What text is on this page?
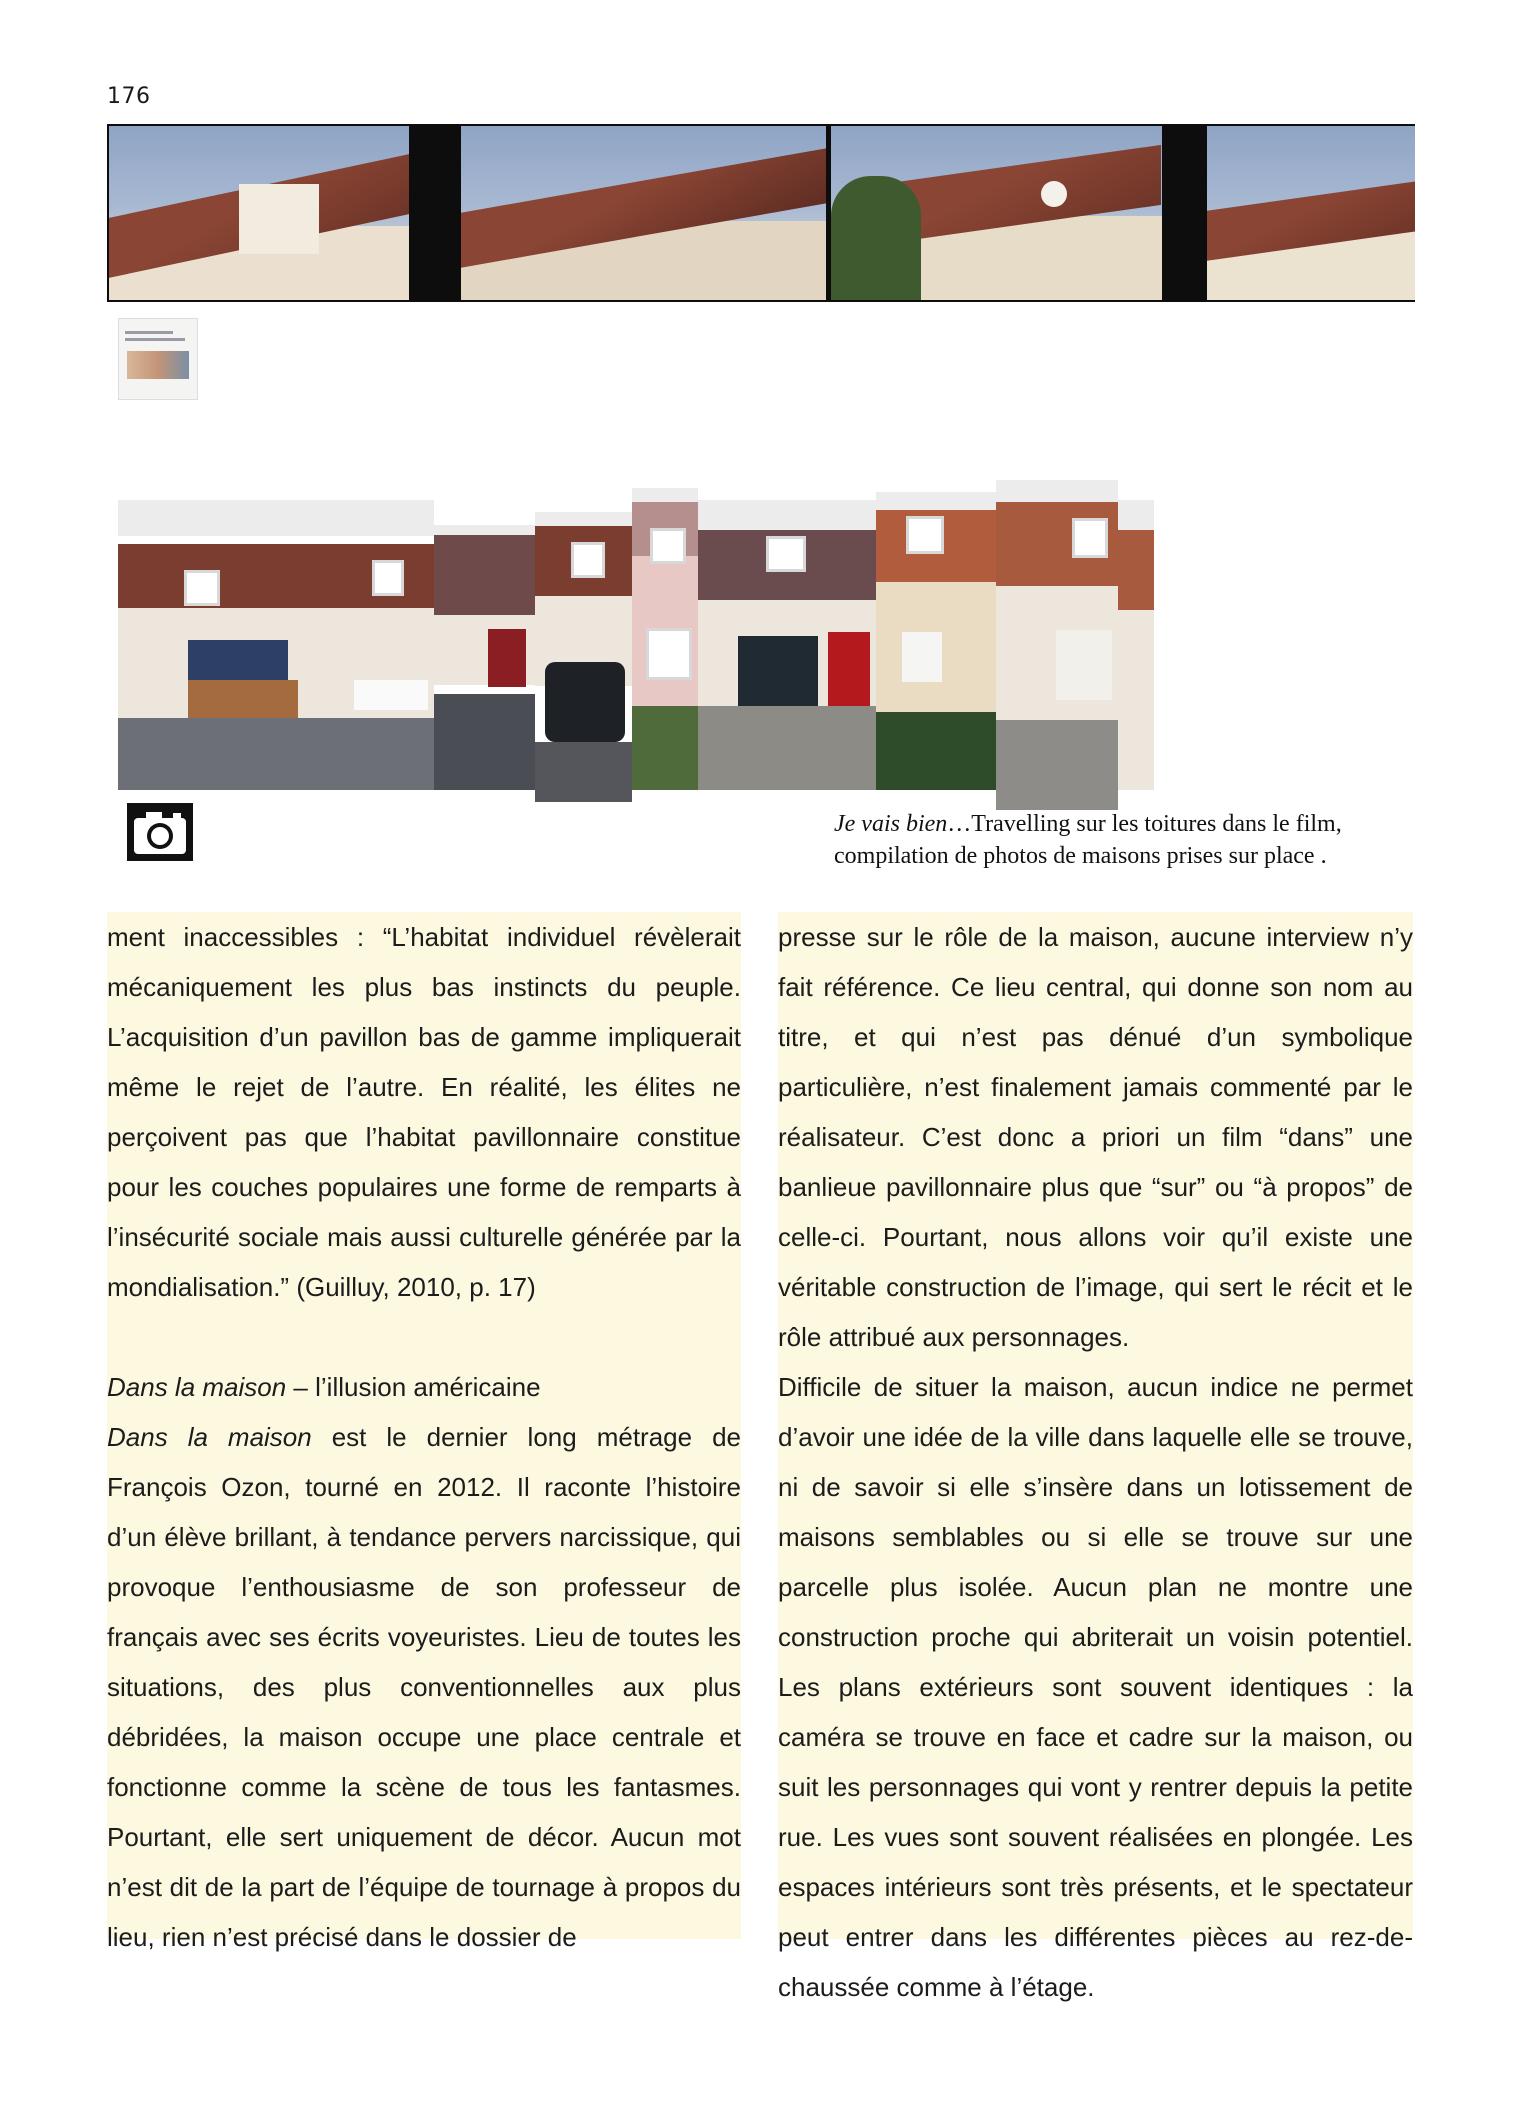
176
Je vais bien…Travelling sur les toitures dans le film, compilation de photos de maisons prises sur place .

ment inaccessibles : “L’habitat individuel révèlerait mécaniquement les plus bas instincts du peuple. L’acquisition d’un pavillon bas de gamme impliquerait même le rejet de l’autre. En réalité, les élites ne perçoivent pas que l’habitat pavillonnaire constitue pour les couches populaires une forme de remparts à l’insécurité sociale mais aussi culturelle générée par la mondialisation.” (Guilluy, 2010, p. 17)

Dans la maison – l’illusion américaine

Dans la maison est le dernier long métrage de François Ozon, tourné en 2012. Il raconte l’histoire d’un élève brillant, à tendance pervers narcissique, qui provoque l’enthousiasme de son professeur de français avec ses écrits voyeuristes. Lieu de toutes les situations, des plus conventionnelles aux plus débridées, la maison occupe une place centrale et fonctionne comme la scène de tous les fantasmes. Pourtant, elle sert uniquement de décor. Aucun mot n’est dit de la part de l’équipe de tournage à propos du lieu, rien n’est précisé dans le dossier de

presse sur le rôle de la maison, aucune interview n’y fait référence. Ce lieu central, qui donne son nom au titre, et qui n’est pas dénué d’un symbolique particulière, n’est finalement jamais commenté par le réalisateur. C’est donc a priori un film “dans” une banlieue pavillonnaire plus que “sur” ou “à propos” de celle-ci. Pourtant, nous allons voir qu’il existe une véritable construction de l’image, qui sert le récit et le rôle attribué aux personnages.

Difficile de situer la maison, aucun indice ne permet d’avoir une idée de la ville dans laquelle elle se trouve, ni de savoir si elle s’insère dans un lotissement de maisons semblables ou si elle se trouve sur une parcelle plus isolée. Aucun plan ne montre une construction proche qui abriterait un voisin potentiel. Les plans extérieurs sont souvent identiques : la caméra se trouve en face et cadre sur la maison, ou suit les personnages qui vont y rentrer depuis la petite rue. Les vues sont souvent réalisées en plongée. Les espaces intérieurs sont très présents, et le spectateur peut entrer dans les différentes pièces au rez-de-chaussée comme à l’étage.
